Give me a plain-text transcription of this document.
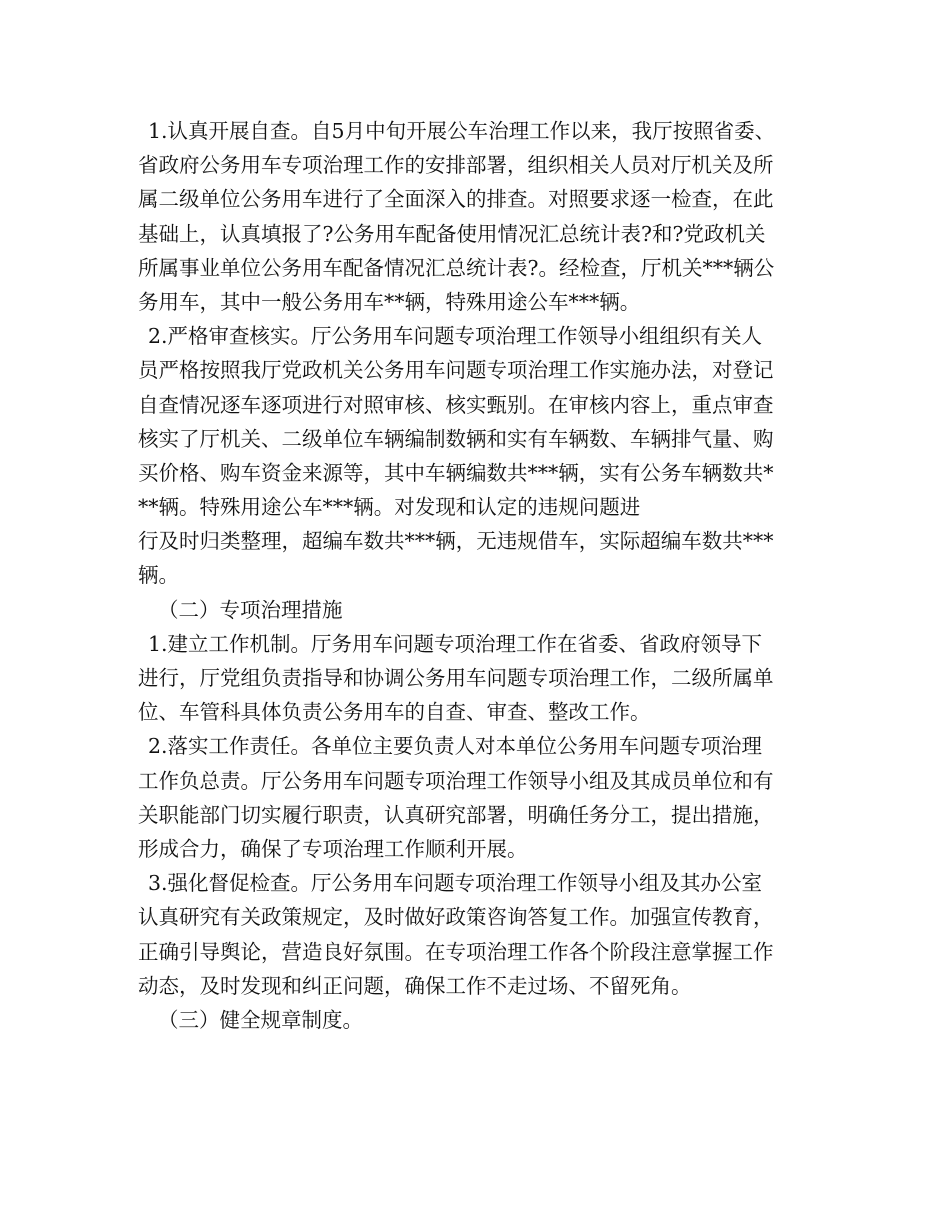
1.认真开展自查。自5月中旬开展公车治理工作以来，我厅按照省委、
省政府公务用车专项治理工作的安排部署，组织相关人员对厅机关及所
属二级单位公务用车进行了全面深入的排查。对照要求逐一检查，在此
基础上，认真填报了?公务用车配备使用情况汇总统计表?和?党政机关
所属事业单位公务用车配备情况汇总统计表?。经检查，厅机关***辆公
务用车，其中一般公务用车**辆，特殊用途公车***辆。
2.严格审查核实。厅公务用车问题专项治理工作领导小组组织有关人
员严格按照我厅党政机关公务用车问题专项治理工作实施办法，对登记
自查情况逐车逐项进行对照审核、核实甄别。在审核内容上，重点审查
核实了厅机关、二级单位车辆编制数辆和实有车辆数、车辆排气量、购
买价格、购车资金来源等，其中车辆编数共***辆，实有公务车辆数共*
**辆。特殊用途公车***辆。对发现和认定的违规问题进
行及时归类整理，超编车数共***辆，无违规借车，实际超编车数共***
辆。
（二）专项治理措施
1.建立工作机制。厅务用车问题专项治理工作在省委、省政府领导下
进行，厅党组负责指导和协调公务用车问题专项治理工作，二级所属单
位、车管科具体负责公务用车的自查、审查、整改工作。
2.落实工作责任。各单位主要负责人对本单位公务用车问题专项治理
工作负总责。厅公务用车问题专项治理工作领导小组及其成员单位和有
关职能部门切实履行职责，认真研究部署，明确任务分工，提出措施，
形成合力，确保了专项治理工作顺利开展。
3.强化督促检查。厅公务用车问题专项治理工作领导小组及其办公室
认真研究有关政策规定，及时做好政策咨询答复工作。加强宣传教育，
正确引导舆论，营造良好氛围。在专项治理工作各个阶段注意掌握工作
动态，及时发现和纠正问题，确保工作不走过场、不留死角。
（三）健全规章制度。
